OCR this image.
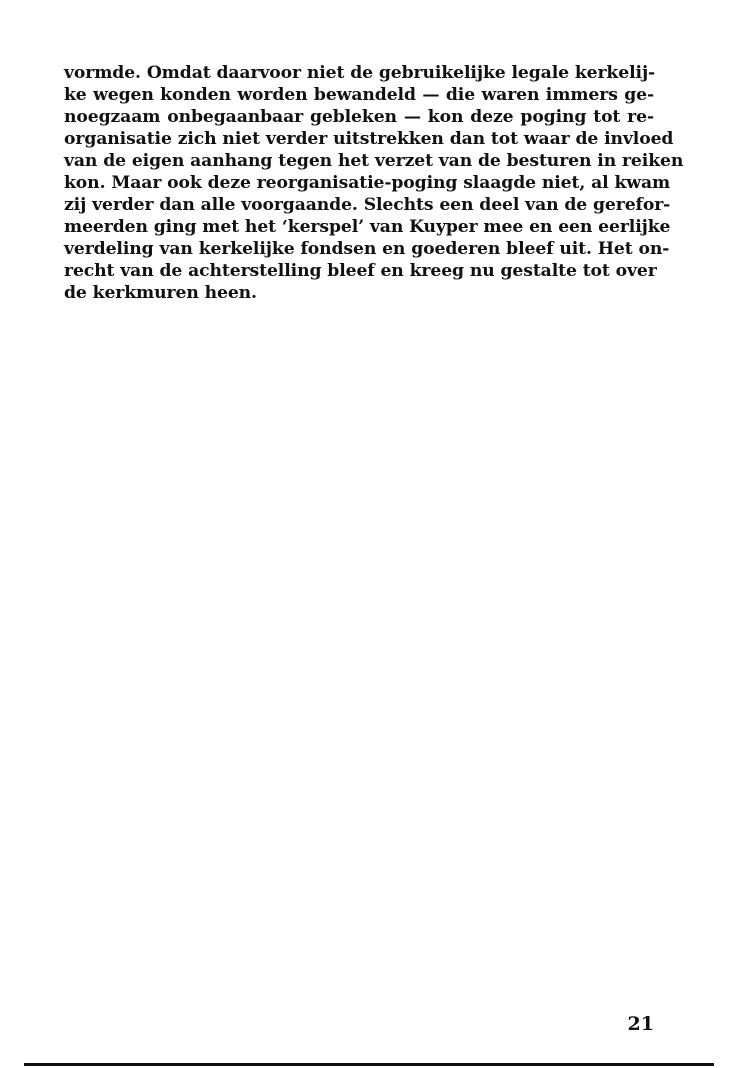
vormde. Omdat daarvoor niet de gebruikelijke legale kerkelij-
ke wegen konden worden bewandeld — die waren immers ge-
noegzaam onbegaanbaar gebleken — kon deze poging tot re-
organisatie zich niet verder uitstrekken dan tot waar de invloed
van de eigen aanhang tegen het verzet van de besturen in reiken
kon. Maar ook deze reorganisatie-poging slaagde niet, al kwam
zij verder dan alle voorgaande. Slechts een deel van de gerefor-
meerden ging met het ‘kerspel’ van Kuyper mee en een eerlijke
verdeling van kerkelijke fondsen en goederen bleef uit. Het on-
recht van de achterstelling bleef en kreeg nu gestalte tot over
de kerkmuren heen.
21
